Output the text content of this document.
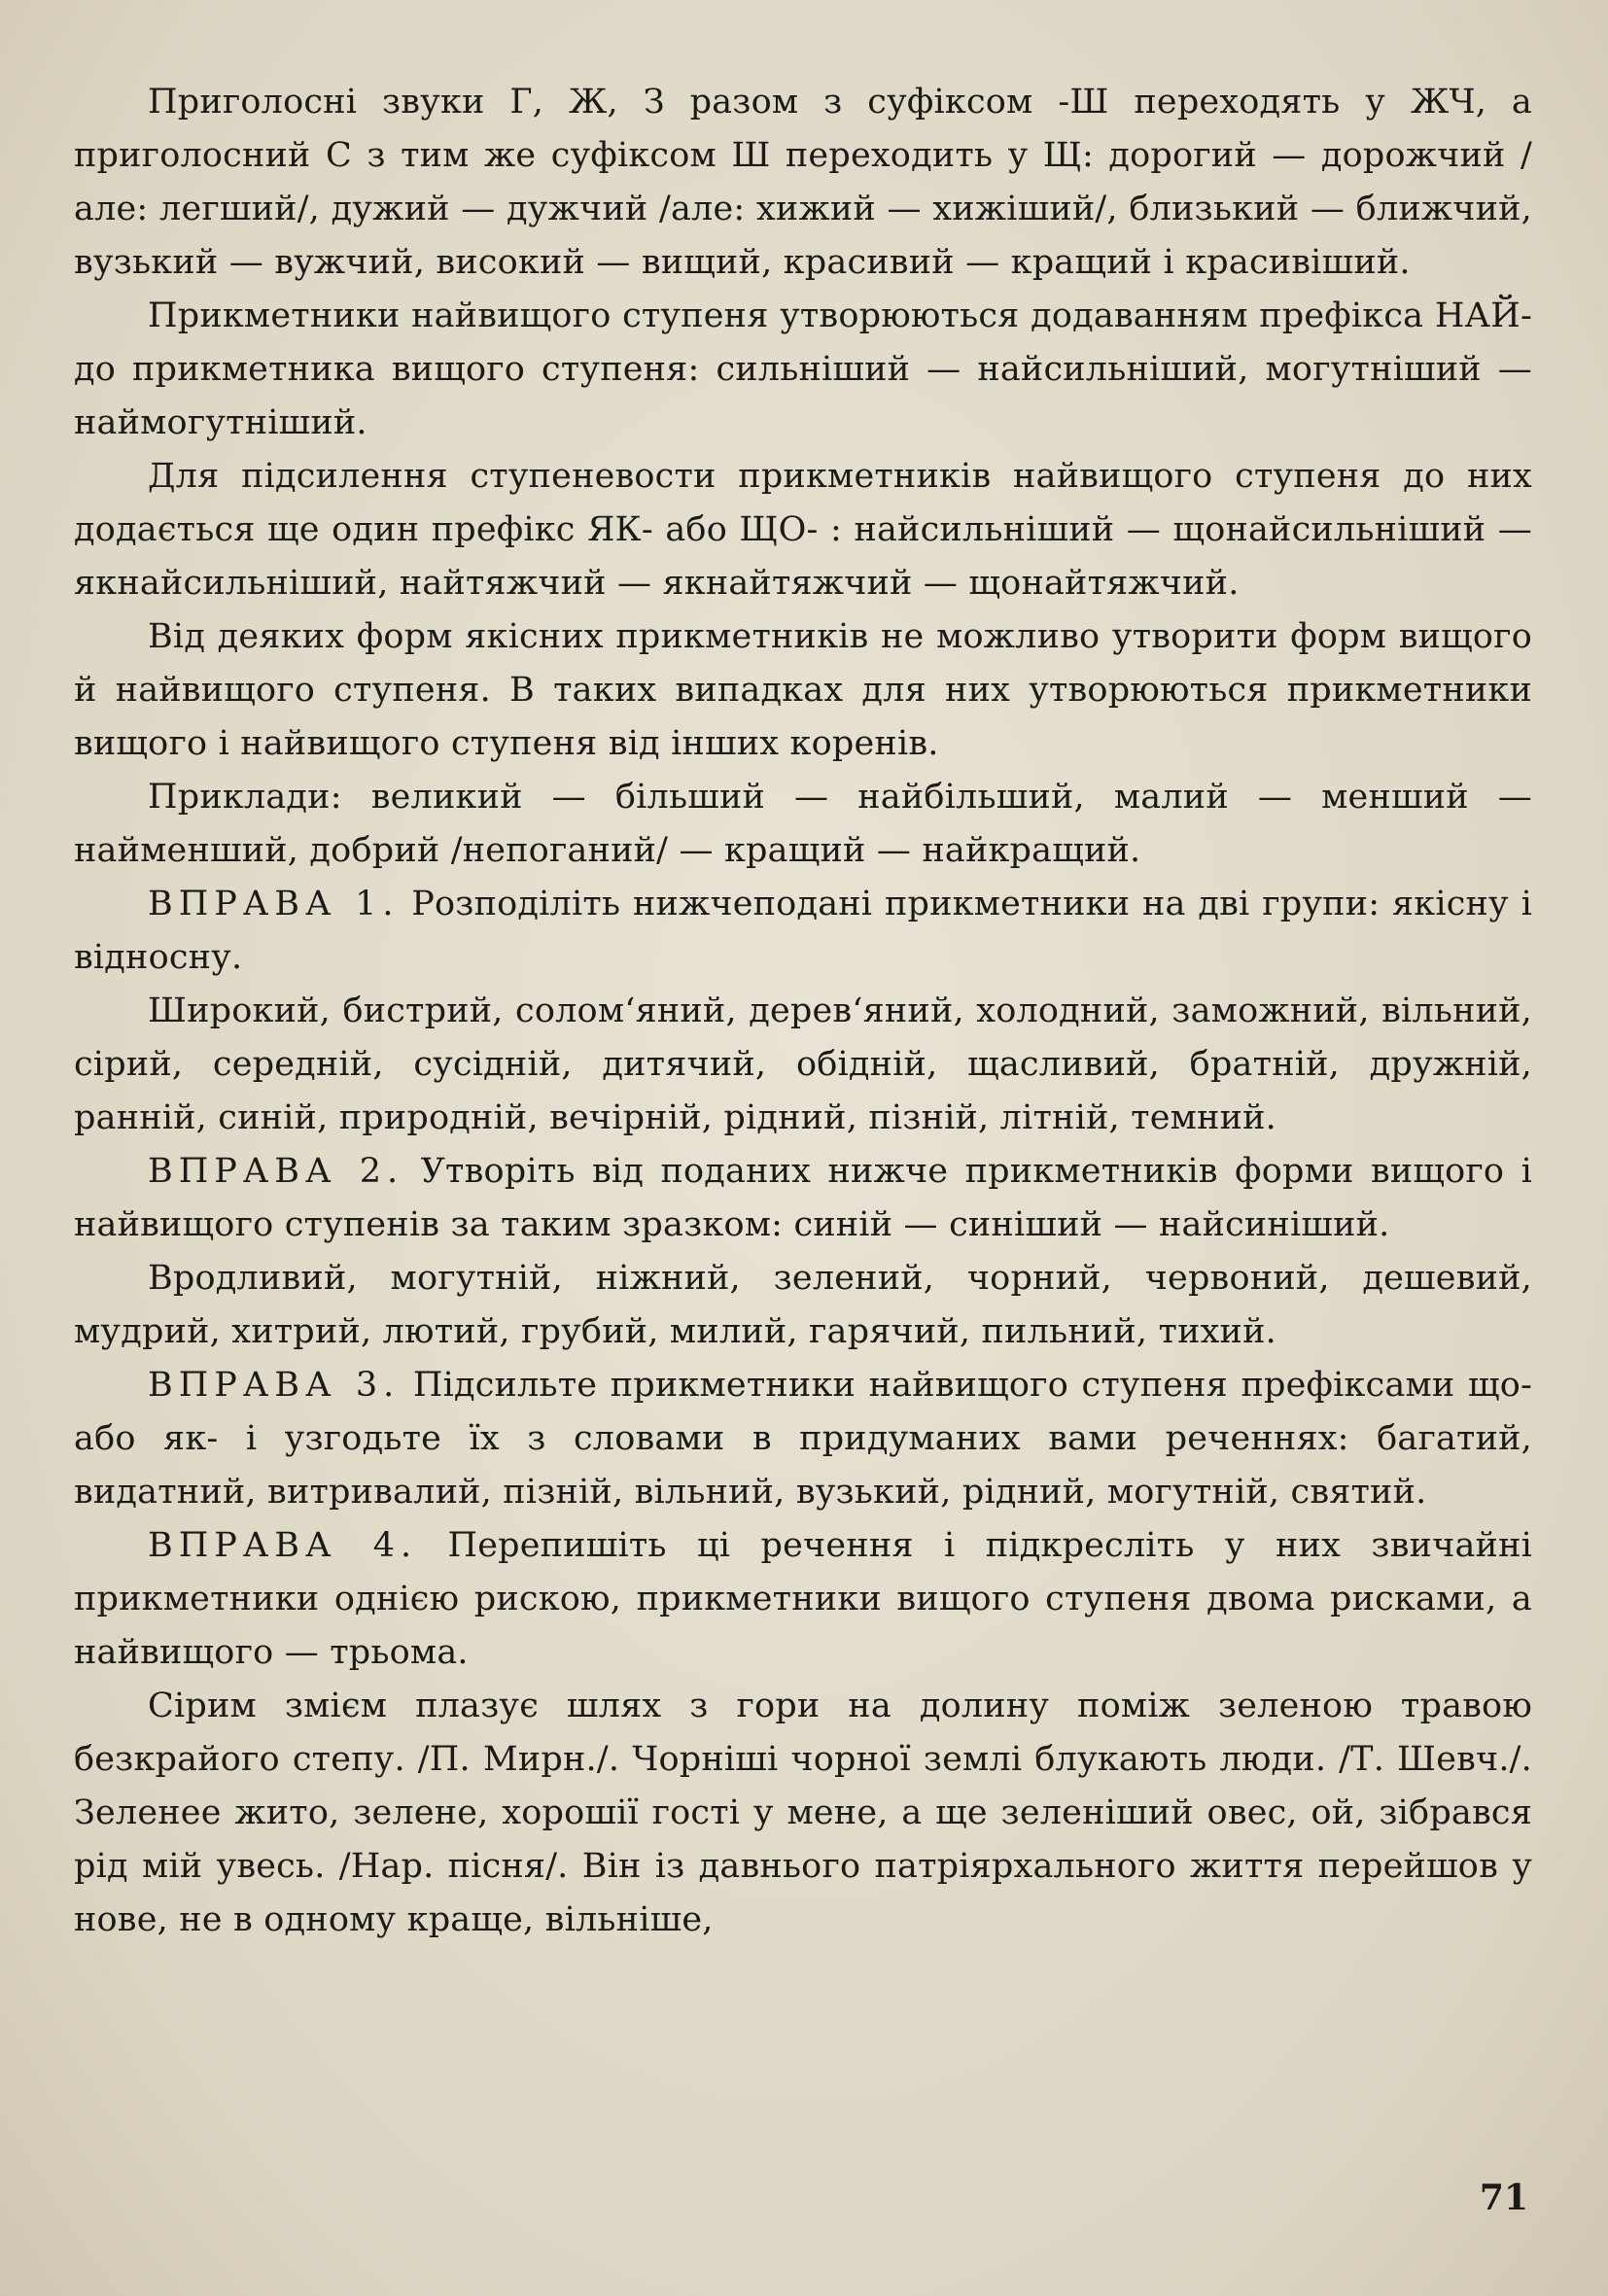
Приголосні звуки Г, Ж, З разом з суфіксом -Ш переходять у ЖЧ, а приголосний С з тим же суфіксом Ш переходить у Щ: дорогий — дорожчий /але: легший/, дужий — дужчий /але: хижий — хижіший/, близький — ближчий, вузький — вужчий, високий — вищий, красивий — кращий і красивіший.

Прикметники найвищого ступеня утворюються додаванням префікса НАЙ- до прикметника вищого ступеня: сильніший — найсильніший, могутніший — наймогутніший.

Для підсилення ступеневости прикметників найвищого ступеня до них додається ще один префікс ЯК- або ЩО- : найсильніший — щонайсильніший — якнайсильніший, найтяжчий — якнайтяжчий — щонайтяжчий.

Від деяких форм якісних прикметників не можливо утворити форм вищого й найвищого ступеня. В таких випадках для них утворюються прикметники вищого і найвищого ступеня від інших коренів.

Приклади: великий — більший — найбільший, малий — менший — найменший, добрий /непоганий/ — кращий — найкращий.

ВПРАВА 1. Розподіліть нижчеподані прикметники на дві групи: якісну і відносну.

Широкий, бистрий, солом‘яний, дерев‘яний, холодний, заможний, вільний, сірий, середній, сусідній, дитячий, обідній, щасливий, братній, дружній, ранній, синій, природній, вечірній, рідний, пізній, літній, темний.

ВПРАВА 2. Утворіть від поданих нижче прикметників форми вищого і найвищого ступенів за таким зразком: синій — синіший — найсиніший.

Вродливий, могутній, ніжний, зелений, чорний, червоний, дешевий, мудрий, хитрий, лютий, грубий, милий, гарячий, пильний, тихий.

ВПРАВА 3. Підсильте прикметники найвищого ступеня префіксами що- або як- і узгодьте їх з словами в придуманих вами реченнях: багатий, видатний, витривалий, пізній, вільний, вузький, рідний, могутній, святий.

ВПРАВА 4. Перепишіть ці речення і підкресліть у них звичайні прикметники однією рискою, прикметники вищого ступеня двома рисками, а найвищого — трьома.

Сірим змієм плазує шлях з гори на долину поміж зеленою травою безкрайого степу. /П. Мирн./. Чорніші чорної землі блукають люди. /Т. Шевч./. Зеленее жито, зелене, хорошії гості у мене, а ще зеленіший овес, ой, зібрався рід мій увесь. /Нар. пісня/. Він із давнього патріярхального життя перейшов у нове, не в одному краще, вільніше,

71
